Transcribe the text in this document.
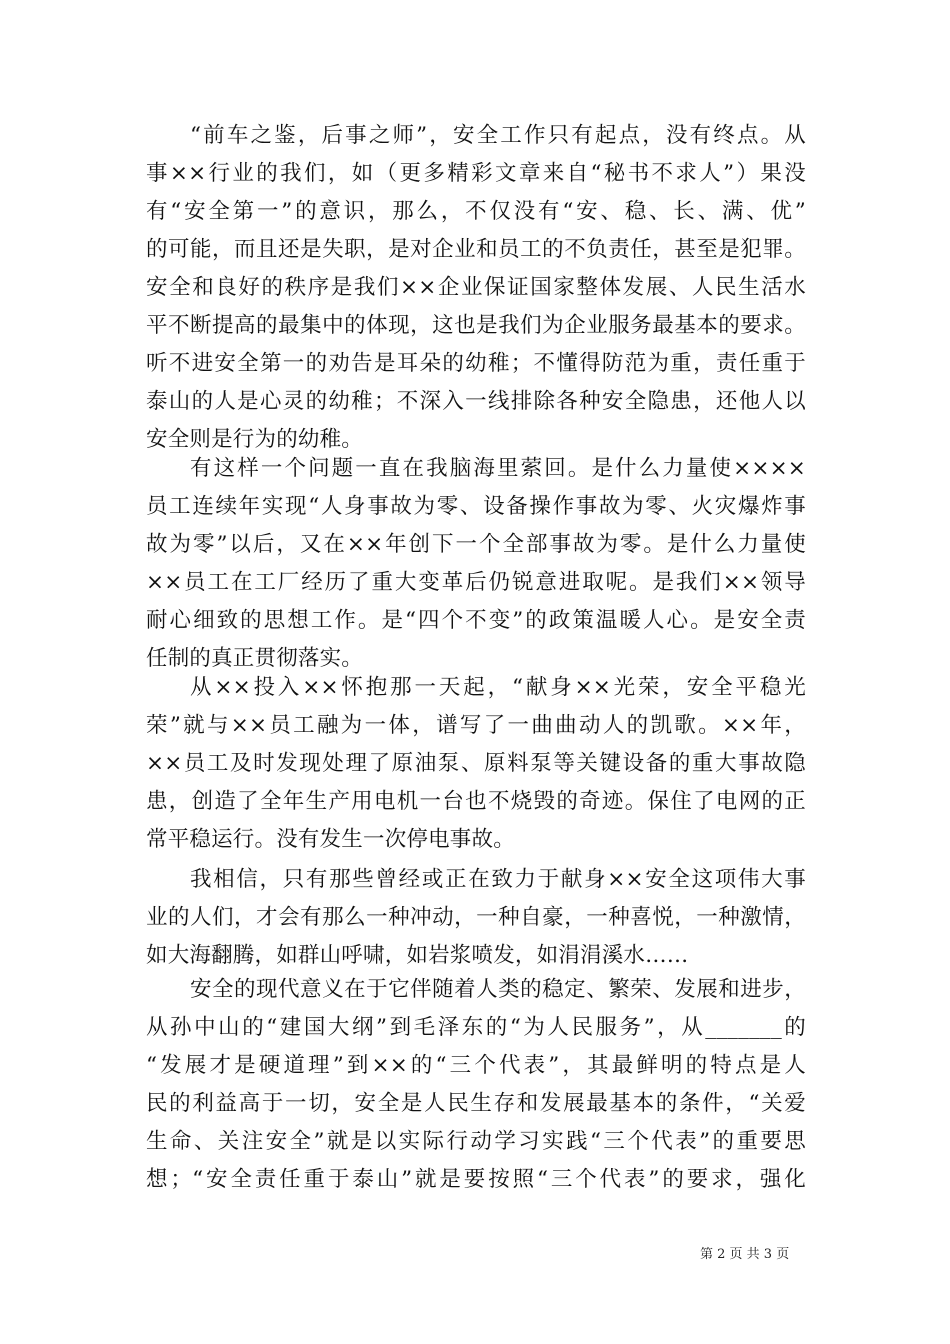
“前车之鉴，后事之师”，安全工作只有起点，没有终点。从
事××行业的我们，如（更多精彩文章来自“秘书不求人”）果没
有“安全第一”的意识，那么，不仅没有“安、稳、长、满、优”
的可能，而且还是失职，是对企业和员工的不负责任，甚至是犯罪。
安全和良好的秩序是我们××企业保证国家整体发展、人民生活水
平不断提高的最集中的体现，这也是我们为企业服务最基本的要求。
听不进安全第一的劝告是耳朵的幼稚；不懂得防范为重，责任重于
泰山的人是心灵的幼稚；不深入一线排除各种安全隐患，还他人以
安全则是行为的幼稚。
有这样一个问题一直在我脑海里萦回。是什么力量使××××
员工连续年实现“人身事故为零、设备操作事故为零、火灾爆炸事
故为零”以后，又在××年创下一个全部事故为零。是什么力量使
××员工在工厂经历了重大变革后仍锐意进取呢。是我们××领导
耐心细致的思想工作。是“四个不变”的政策温暖人心。是安全责
任制的真正贯彻落实。
从××投入××怀抱那一天起，“献身××光荣，安全平稳光
荣”就与××员工融为一体，谱写了一曲曲动人的凯歌。××年，
××员工及时发现处理了原油泵、原料泵等关键设备的重大事故隐
患，创造了全年生产用电机一台也不烧毁的奇迹。保住了电网的正
常平稳运行。没有发生一次停电事故。
我相信，只有那些曾经或正在致力于献身××安全这项伟大事
业的人们，才会有那么一种冲动，一种自豪，一种喜悦，一种激情，
如大海翻腾，如群山呼啸，如岩浆喷发，如涓涓溪水……
安全的现代意义在于它伴随着人类的稳定、繁荣、发展和进步，
从孙中山的“建国大纲”到毛泽东的“为人民服务”，从_______的
“发展才是硬道理”到××的“三个代表”，其最鲜明的特点是人
民的利益高于一切，安全是人民生存和发展最基本的条件，“关爱
生命、关注安全”就是以实际行动学习实践“三个代表”的重要思
想；“安全责任重于泰山”就是要按照“三个代表”的要求，强化
第 2 页 共 3 页
